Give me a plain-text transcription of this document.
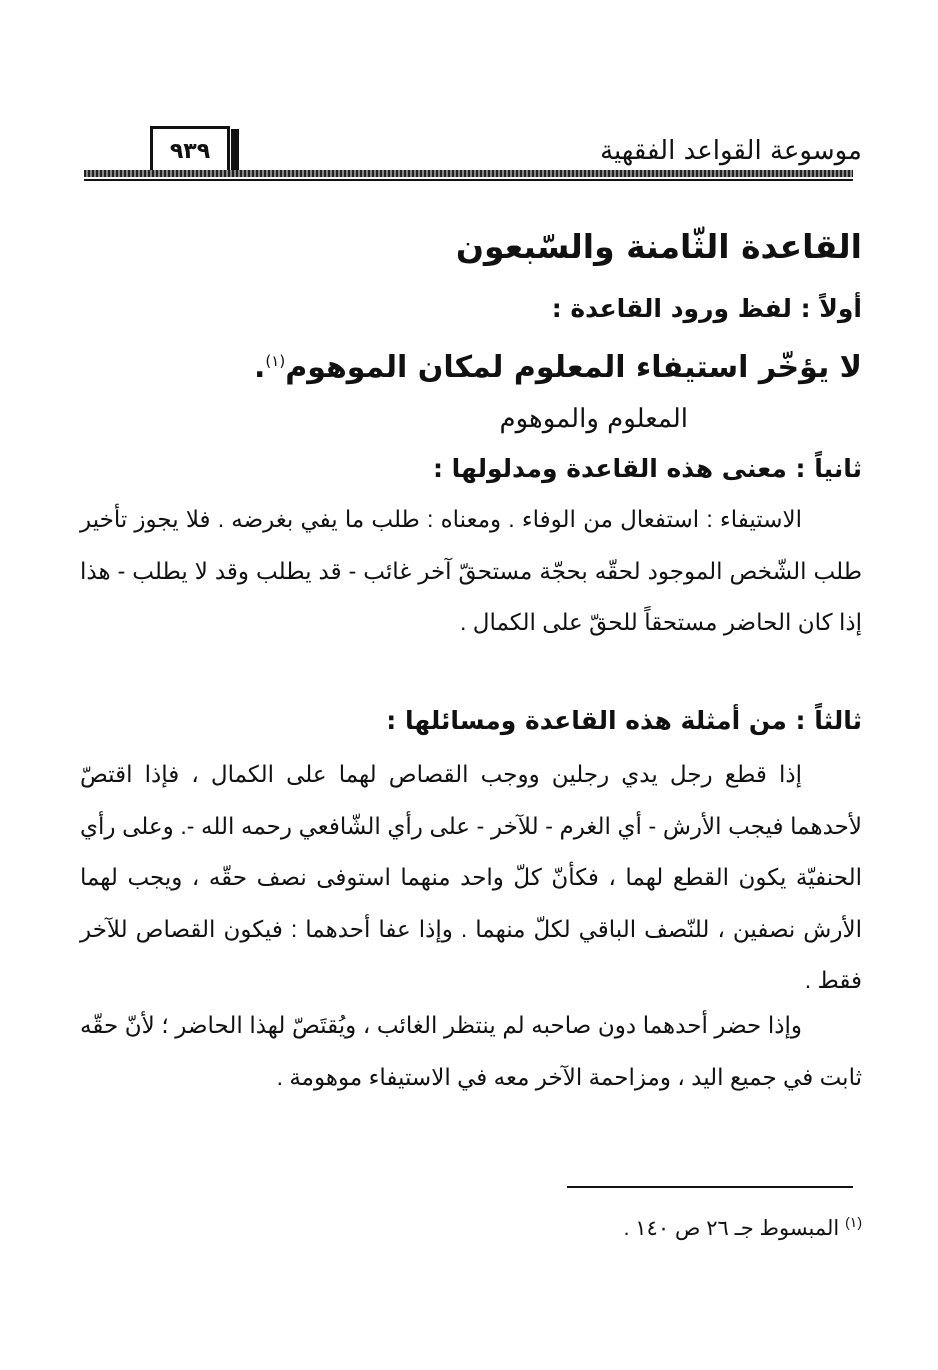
موسوعة القواعد الفقهية
٩٣٩
القاعدة الثّامنة والسّبعون
أولاً : لفظ ورود القاعدة :
لا يؤخّر استيفاء المعلوم لمكان الموهوم$^{(١)}$.
المعلوم والموهوم
ثانياً : معنى هذه القاعدة ومدلولها :
الاستيفاء : استفعال من الوفاء . ومعناه : طلب ما يفي بغرضه . فلا يجوز تأخير طلب الشّخص الموجود لحقّه بحجّة مستحقّ آخر غائب - قد يطلب وقد لا يطلب - هذا إذا كان الحاضر مستحقاً للحقّ على الكمال .
ثالثاً : من أمثلة هذه القاعدة ومسائلها :
إذا قطع رجل يدي رجلين ووجب القصاص لهما على الكمال ، فإذا اقتصّ لأحدهما فيجب الأرش - أي الغرم - للآخر - على رأي الشّافعي رحمه الله -. وعلى رأي الحنفيّة يكون القطع لهما ، فكأنّ كلّ واحد منهما استوفى نصف حقّه ، ويجب لهما الأرش نصفين ، للنّصف الباقي لكلّ منهما . وإذا عفا أحدهما : فيكون القصاص للآخر فقط .
وإذا حضر أحدهما دون صاحبه لم ينتظر الغائب ، ويُقتَصّ لهذا الحاضر ؛ لأنّ حقّه ثابت في جميع اليد ، ومزاحمة الآخر معه في الاستيفاء موهومة .
$^{(١)}$ المبسوط جـ ٢٦ ص ١٤٠ .
